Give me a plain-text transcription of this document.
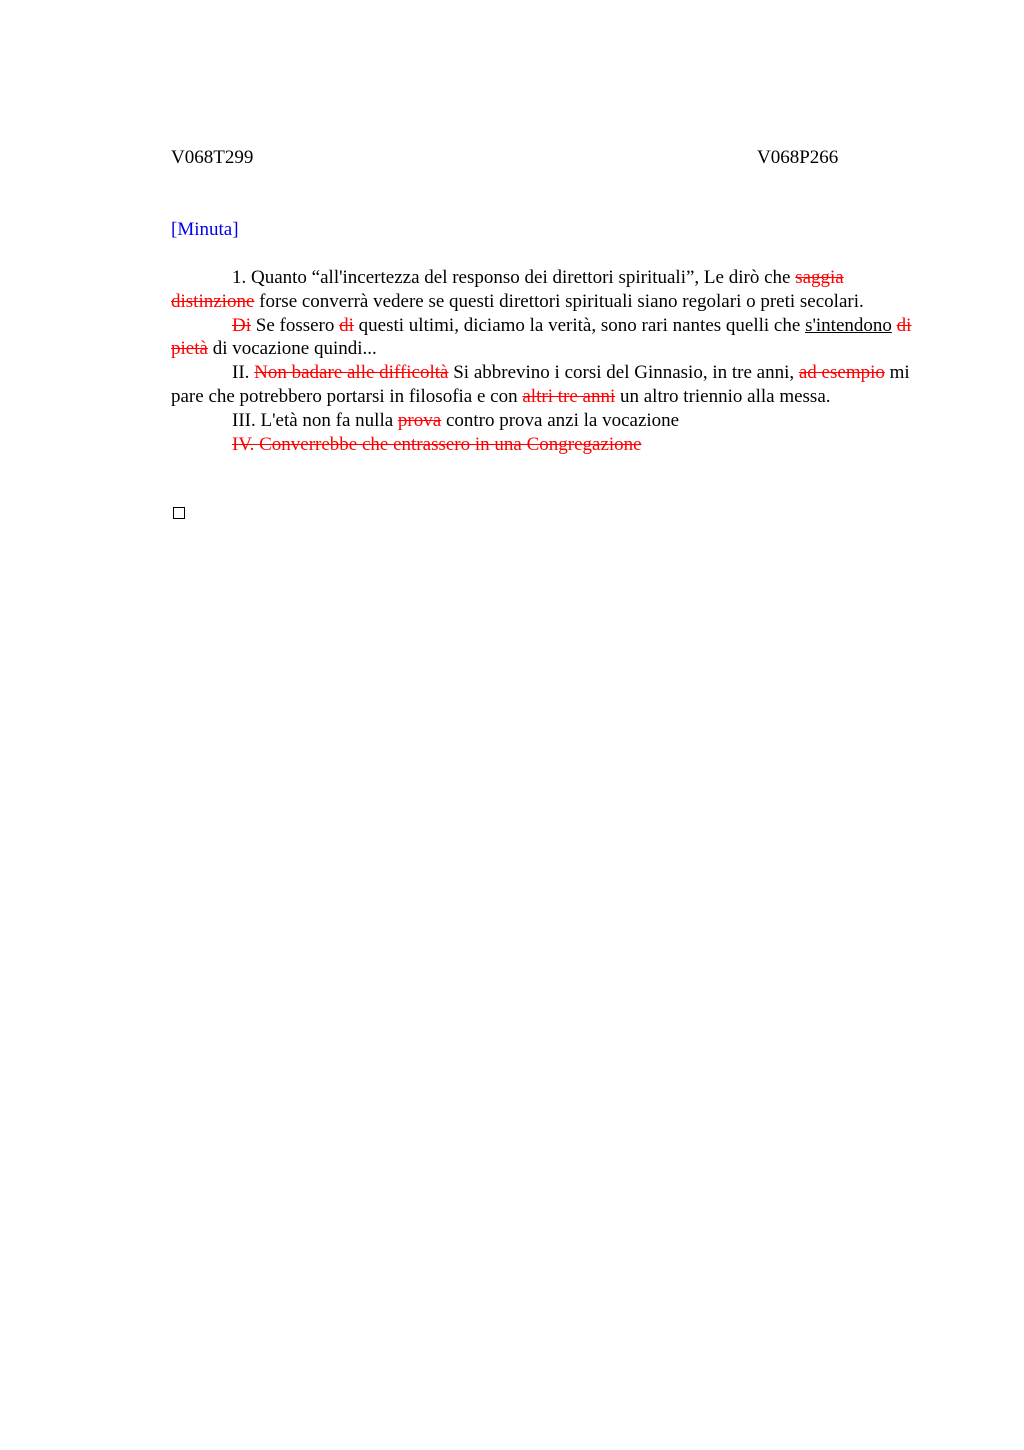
V068T299	V068P266
[Minuta]

1. Quanto “all'incertezza del responso dei direttori spirituali”, Le dirò che saggia distinzione forse converrà vedere se questi direttori spirituali siano regolari o preti secolari.

Di Se fossero di questi ultimi, diciamo la verità, sono rari nantes quelli che s'intendono di pietà di vocazione quindi...

II. Non badare alle difficoltà Si abbrevino i corsi del Ginnasio, in tre anni, ad esempio mi pare che potrebbero portarsi in filosofia e con altri tre anni un altro triennio alla messa.

III. L'età non fa nulla prova contro prova anzi la vocazione

IV. Converrebbe che entrassero in una Congregazione
